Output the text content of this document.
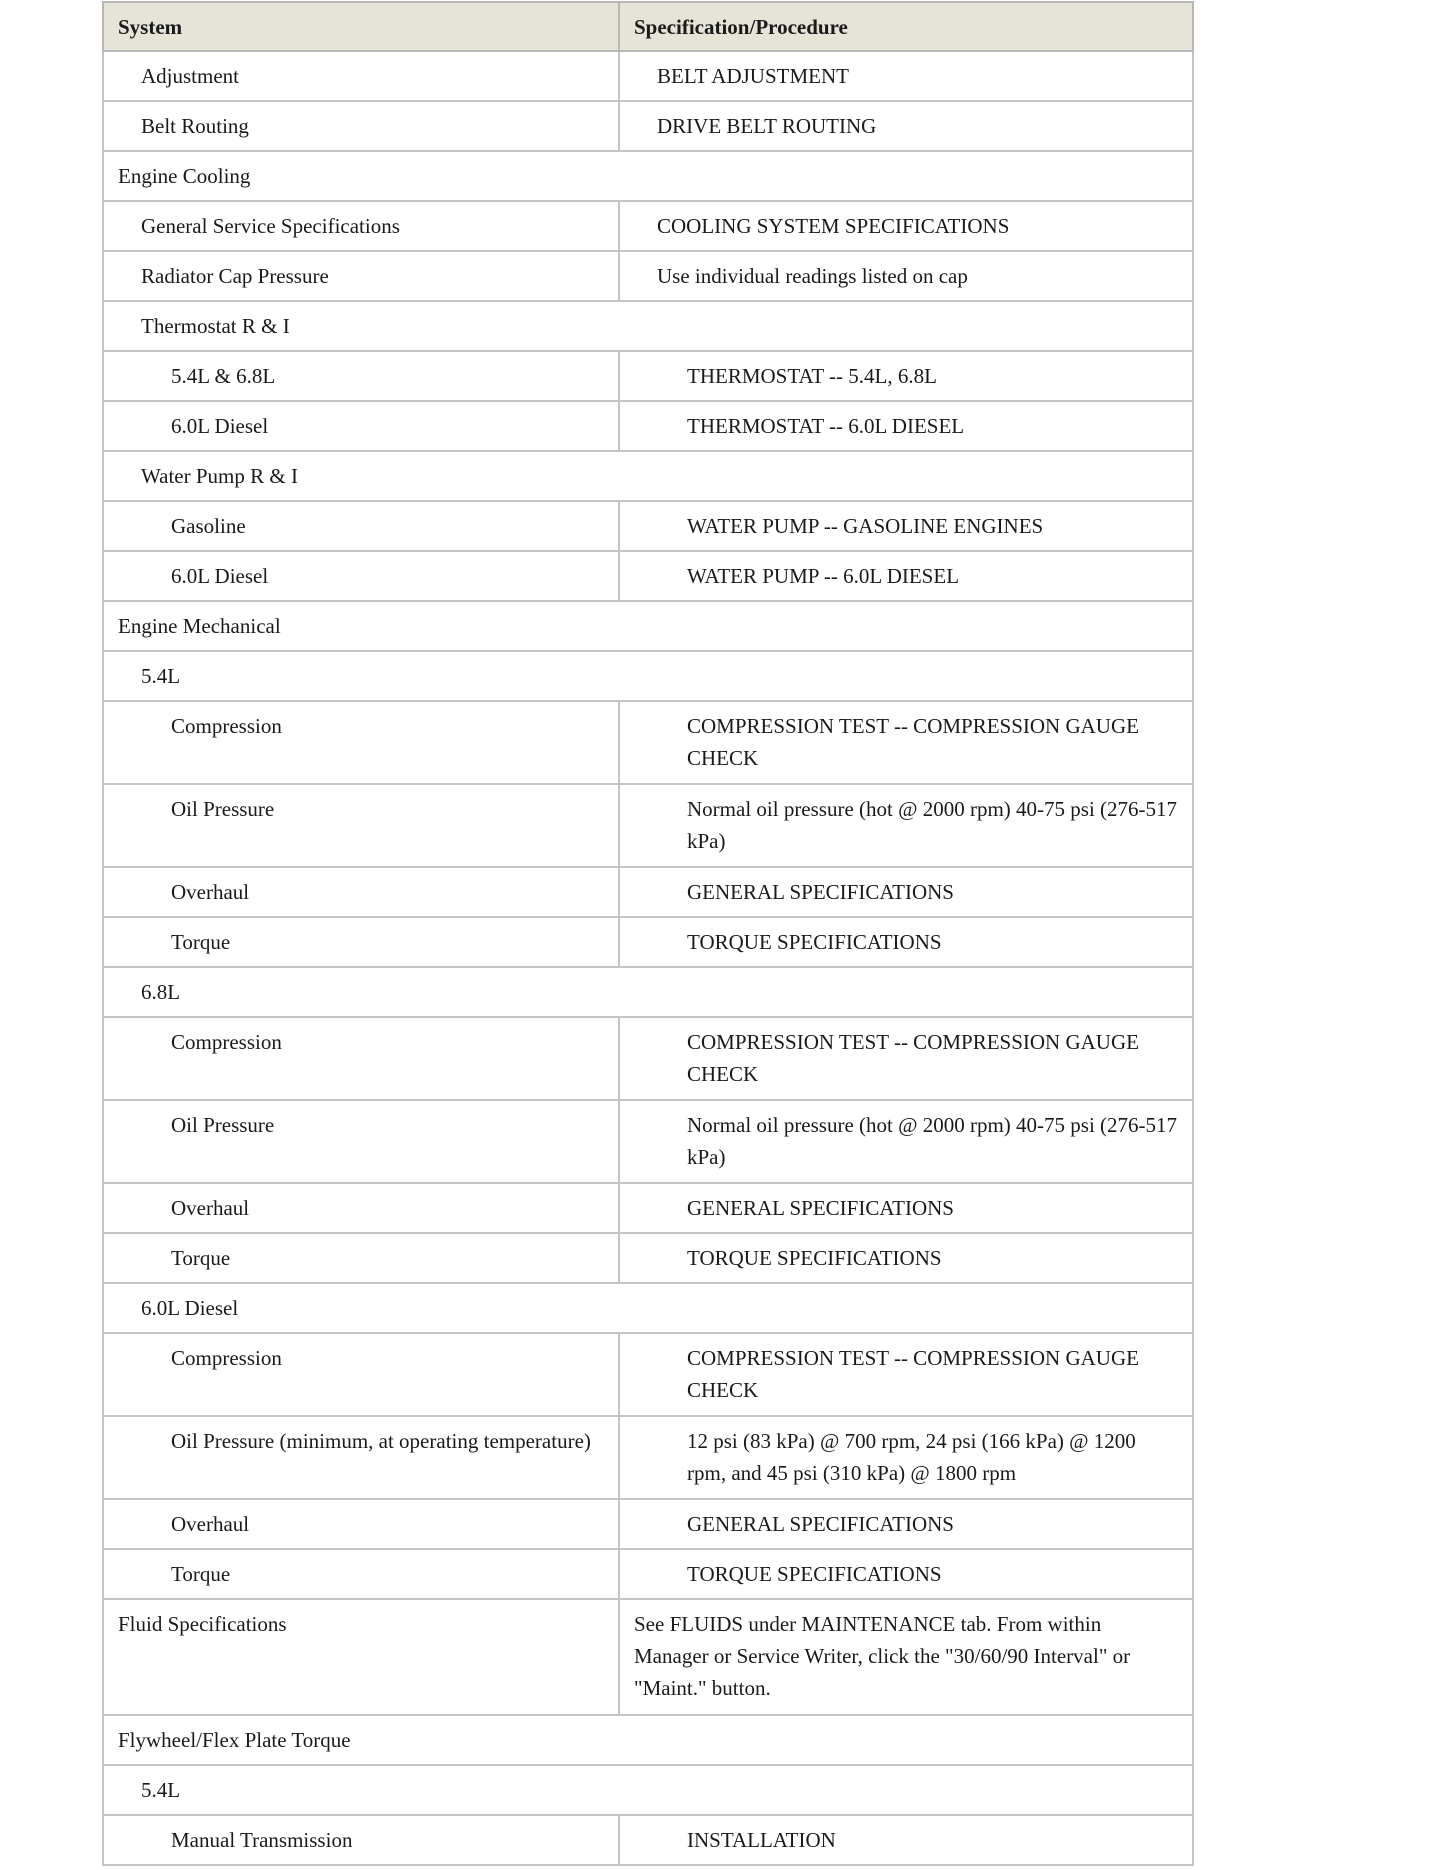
System	Specification/Procedure
Adjustment	BELT ADJUSTMENT
Belt Routing	DRIVE BELT ROUTING
Engine Cooling	
General Service Specifications	COOLING SYSTEM SPECIFICATIONS
Radiator Cap Pressure	Use individual readings listed on cap
Thermostat R & I	
5.4L & 6.8L	THERMOSTAT -- 5.4L, 6.8L
6.0L Diesel	THERMOSTAT -- 6.0L DIESEL
Water Pump R & I	
Gasoline	WATER PUMP -- GASOLINE ENGINES
6.0L Diesel	WATER PUMP -- 6.0L DIESEL
Engine Mechanical	
5.4L	
Compression	COMPRESSION TEST -- COMPRESSION GAUGE CHECK
Oil Pressure	Normal oil pressure (hot @ 2000 rpm) 40-75 psi (276-517 kPa)
Overhaul	GENERAL SPECIFICATIONS
Torque	TORQUE SPECIFICATIONS
6.8L	
Compression	COMPRESSION TEST -- COMPRESSION GAUGE CHECK
Oil Pressure	Normal oil pressure (hot @ 2000 rpm) 40-75 psi (276-517 kPa)
Overhaul	GENERAL SPECIFICATIONS
Torque	TORQUE SPECIFICATIONS
6.0L Diesel	
Compression	COMPRESSION TEST -- COMPRESSION GAUGE CHECK
Oil Pressure (minimum, at operating temperature)	12 psi (83 kPa) @ 700 rpm, 24 psi (166 kPa) @ 1200 rpm, and 45 psi (310 kPa) @ 1800 rpm
Overhaul	GENERAL SPECIFICATIONS
Torque	TORQUE SPECIFICATIONS
Fluid Specifications	See FLUIDS under MAINTENANCE tab. From within Manager or Service Writer, click the "30/60/90 Interval" or "Maint." button.
Flywheel/Flex Plate Torque	
5.4L	
Manual Transmission	INSTALLATION
